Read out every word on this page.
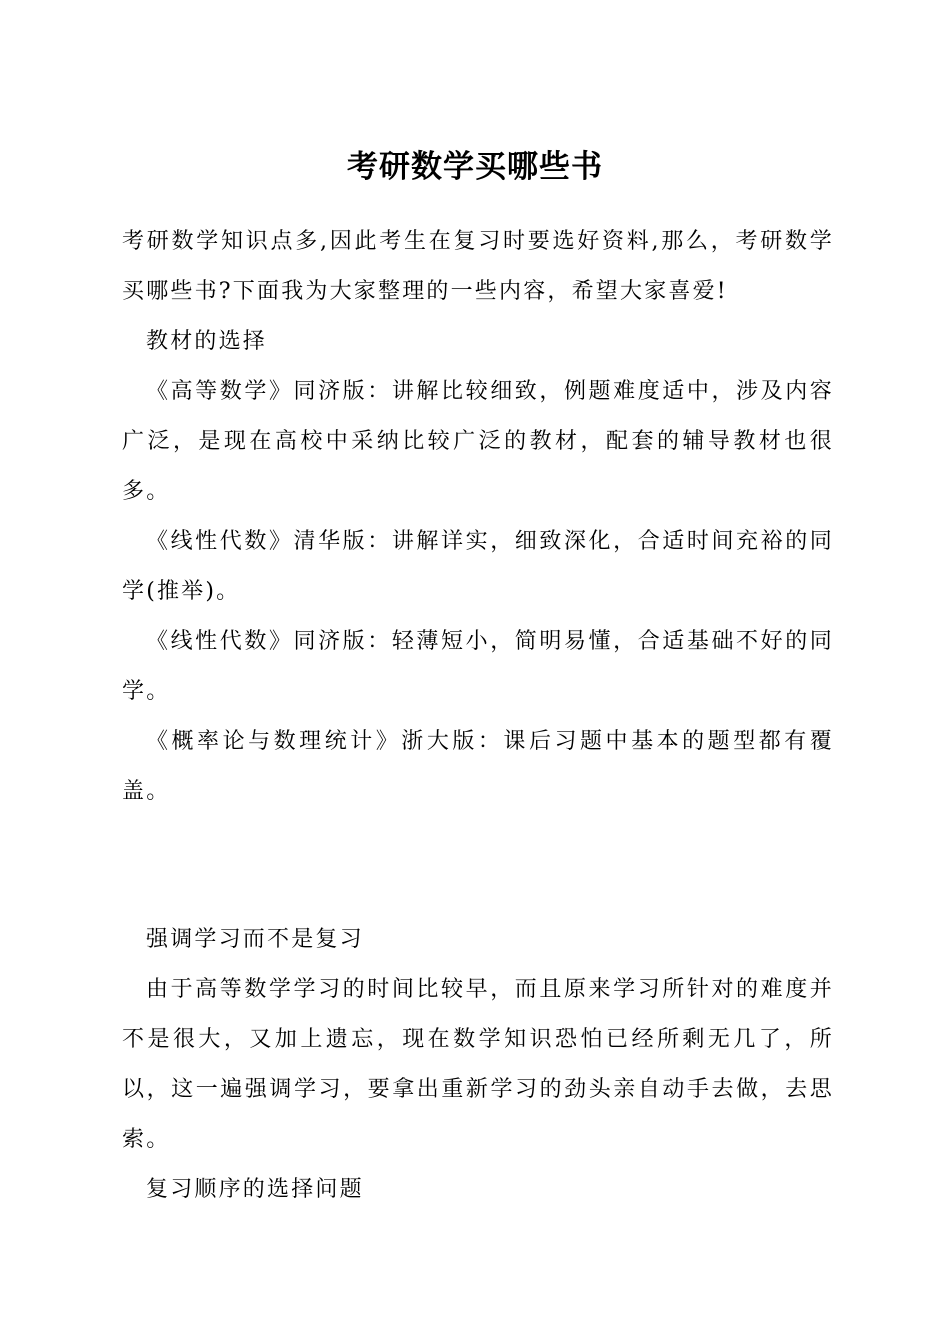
考研数学买哪些书

考研数学知识点多,因此考生在复习时要选好资料,那么，考研数学买哪些书?下面我为大家整理的一些内容，希望大家喜爱!

教材的选择

《高等数学》同济版：讲解比较细致，例题难度适中，涉及内容广泛，是现在高校中采纳比较广泛的教材，配套的辅导教材也很多。

《线性代数》清华版：讲解详实，细致深化，合适时间充裕的同学(推举)。

《线性代数》同济版：轻薄短小，简明易懂，合适基础不好的同学。

《概率论与数理统计》浙大版：课后习题中基本的题型都有覆盖。

强调学习而不是复习

由于高等数学学习的时间比较早，而且原来学习所针对的难度并不是很大，又加上遗忘，现在数学知识恐怕已经所剩无几了，所以，这一遍强调学习，要拿出重新学习的劲头亲自动手去做，去思索。

复习顺序的选择问题
